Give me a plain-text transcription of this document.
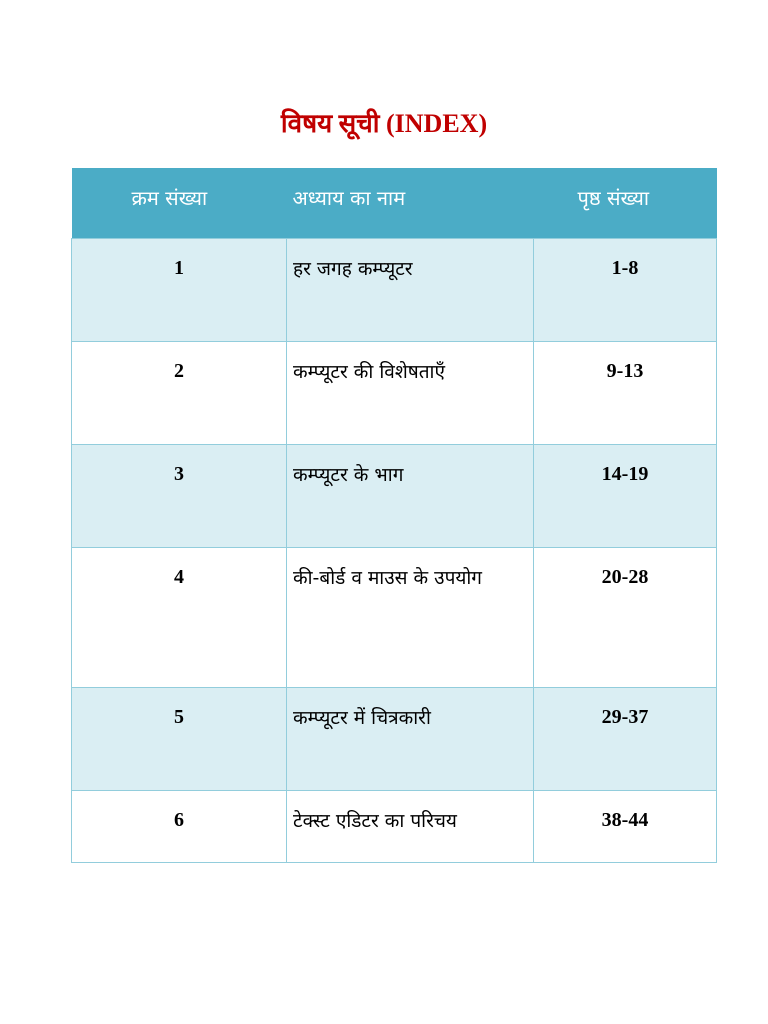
विषय सूची (INDEX)
क्रम संख्या	अध्याय का नाम	पृष्ठ संख्या
1	हर जगह कम्प्यूटर	1-8
2	कम्प्यूटर की विशेषताएँ	9-13
3	कम्प्यूटर के भाग	14-19
4	की-बोर्ड व माउस के उपयोग	20-28
5	कम्प्यूटर में चित्रकारी	29-37
6	टेक्स्ट एडिटर का परिचय	38-44
